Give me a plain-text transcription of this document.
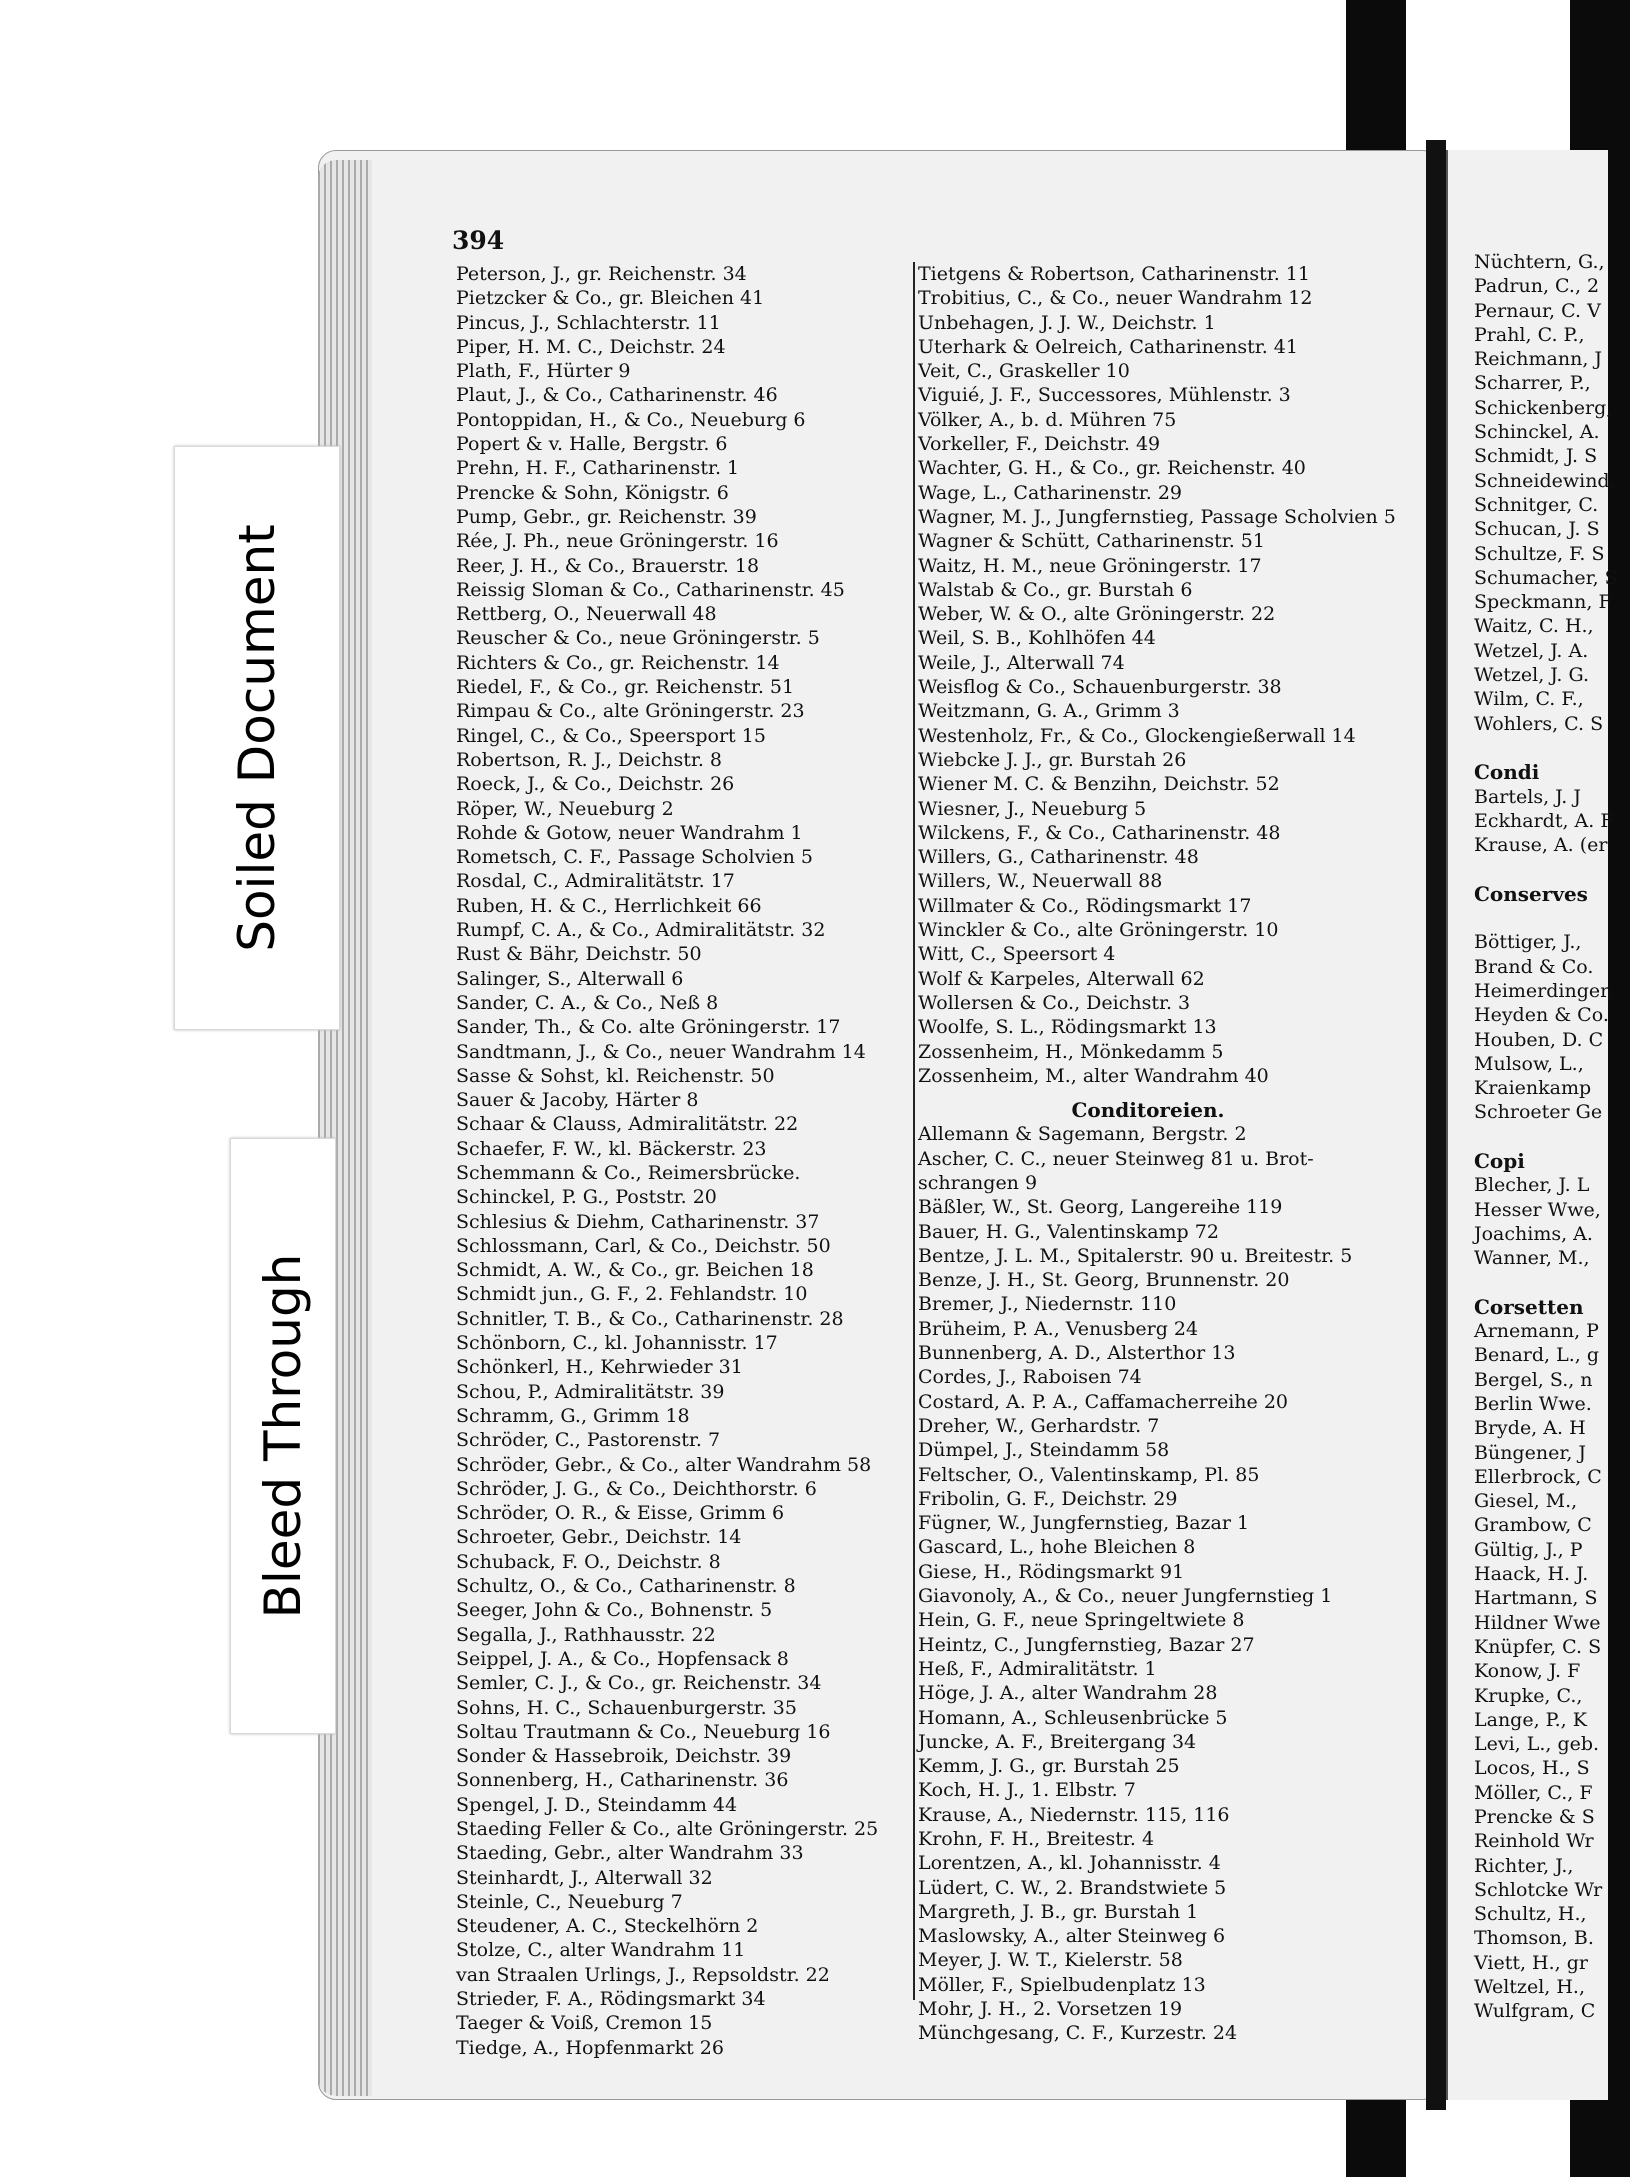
Soiled Document
Bleed Through
394
Peterson, J., gr. Reichenstr. 34
Pietzcker & Co., gr. Bleichen 41
Pincus, J., Schlachterstr. 11
Piper, H. M. C., Deichstr. 24
Plath, F., Hürter 9
Plaut, J., & Co., Catharinenstr. 46
Pontoppidan, H., & Co., Neueburg 6
Popert & v. Halle, Bergstr. 6
Prehn, H. F., Catharinenstr. 1
Prencke & Sohn, Königstr. 6
Pump, Gebr., gr. Reichenstr. 39
Rée, J. Ph., neue Gröningerstr. 16
Reer, J. H., & Co., Brauerstr. 18
Reissig Sloman & Co., Catharinenstr. 45
Rettberg, O., Neuerwall 48
Reuscher & Co., neue Gröningerstr. 5
Richters & Co., gr. Reichenstr. 14
Riedel, F., & Co., gr. Reichenstr. 51
Rimpau & Co., alte Gröningerstr. 23
Ringel, C., & Co., Speersport 15
Robertson, R. J., Deichstr. 8
Roeck, J., & Co., Deichstr. 26
Röper, W., Neueburg 2
Rohde & Gotow, neuer Wandrahm 1
Rometsch, C. F., Passage Scholvien 5
Rosdal, C., Admiralitätstr. 17
Ruben, H. & C., Herrlichkeit 66
Rumpf, C. A., & Co., Admiralitätstr. 32
Rust & Bähr, Deichstr. 50
Salinger, S., Alterwall 6
Sander, C. A., & Co., Neß 8
Sander, Th., & Co. alte Gröningerstr. 17
Sandtmann, J., & Co., neuer Wandrahm 14
Sasse & Sohst, kl. Reichenstr. 50
Sauer & Jacoby, Härter 8
Schaar & Clauss, Admiralitätstr. 22
Schaefer, F. W., kl. Bäckerstr. 23
Schemmann & Co., Reimersbrücke.
Schinckel, P. G., Poststr. 20
Schlesius & Diehm, Catharinenstr. 37
Schlossmann, Carl, & Co., Deichstr. 50
Schmidt, A. W., & Co., gr. Beichen 18
Schmidt jun., G. F., 2. Fehlandstr. 10
Schnitler, T. B., & Co., Catharinenstr. 28
Schönborn, C., kl. Johannisstr. 17
Schönkerl, H., Kehrwieder 31
Schou, P., Admiralitätstr. 39
Schramm, G., Grimm 18
Schröder, C., Pastorenstr. 7
Schröder, Gebr., & Co., alter Wandrahm 58
Schröder, J. G., & Co., Deichthorstr. 6
Schröder, O. R., & Eisse, Grimm 6
Schroeter, Gebr., Deichstr. 14
Schuback, F. O., Deichstr. 8
Schultz, O., & Co., Catharinenstr. 8
Seeger, John & Co., Bohnenstr. 5
Segalla, J., Rathhausstr. 22
Seippel, J. A., & Co., Hopfensack 8
Semler, C. J., & Co., gr. Reichenstr. 34
Sohns, H. C., Schauenburgerstr. 35
Soltau Trautmann & Co., Neueburg 16
Sonder & Hassebroik, Deichstr. 39
Sonnenberg, H., Catharinenstr. 36
Spengel, J. D., Steindamm 44
Staeding Feller & Co., alte Gröningerstr. 25
Staeding, Gebr., alter Wandrahm 33
Steinhardt, J., Alterwall 32
Steinle, C., Neueburg 7
Steudener, A. C., Steckelhörn 2
Stolze, C., alter Wandrahm 11
van Straalen Urlings, J., Repsoldstr. 22
Strieder, F. A., Rödingsmarkt 34
Taeger & Voiß, Cremon 15
Tiedge, A., Hopfenmarkt 26
Tietgens & Robertson, Catharinenstr. 11
Trobitius, C., & Co., neuer Wandrahm 12
Unbehagen, J. J. W., Deichstr. 1
Uterhark & Oelreich, Catharinenstr. 41
Veit, C., Graskeller 10
Viguié, J. F., Successores, Mühlenstr. 3
Völker, A., b. d. Mühren 75
Vorkeller, F., Deichstr. 49
Wachter, G. H., & Co., gr. Reichenstr. 40
Wage, L., Catharinenstr. 29
Wagner, M. J., Jungfernstieg, Passage Scholvien 5
Wagner & Schütt, Catharinenstr. 51
Waitz, H. M., neue Gröningerstr. 17
Walstab & Co., gr. Burstah 6
Weber, W. & O., alte Gröningerstr. 22
Weil, S. B., Kohlhöfen 44
Weile, J., Alterwall 74
Weisflog & Co., Schauenburgerstr. 38
Weitzmann, G. A., Grimm 3
Westenholz, Fr., & Co., Glockengießerwall 14
Wiebcke J. J., gr. Burstah 26
Wiener M. C. & Benzihn, Deichstr. 52
Wiesner, J., Neueburg 5
Wilckens, F., & Co., Catharinenstr. 48
Willers, G., Catharinenstr. 48
Willers, W., Neuerwall 88
Willmater & Co., Rödingsmarkt 17
Winckler & Co., alte Gröningerstr. 10
Witt, C., Speersort 4
Wolf & Karpeles, Alterwall 62
Wollersen & Co., Deichstr. 3
Woolfe, S. L., Rödingsmarkt 13
Zossenheim, H., Mönkedamm 5
Zossenheim, M., alter Wandrahm 40
Conditoreien.
Allemann & Sagemann, Bergstr. 2
Ascher, C. C., neuer Steinweg 81 u. Brot-
schrangen 9
Bäßler, W., St. Georg, Langereihe 119
Bauer, H. G., Valentinskamp 72
Bentze, J. L. M., Spitalerstr. 90 u. Breitestr. 5
Benze, J. H., St. Georg, Brunnenstr. 20
Bremer, J., Niedernstr. 110
Brüheim, P. A., Venusberg 24
Bunnenberg, A. D., Alsterthor 13
Cordes, J., Raboisen 74
Costard, A. P. A., Caffamacherreihe 20
Dreher, W., Gerhardstr. 7
Dümpel, J., Steindamm 58
Feltscher, O., Valentinskamp, Pl. 85
Fribolin, G. F., Deichstr. 29
Fügner, W., Jungfernstieg, Bazar 1
Gascard, L., hohe Bleichen 8
Giese, H., Rödingsmarkt 91
Giavonoly, A., & Co., neuer Jungfernstieg 1
Hein, G. F., neue Springeltwiete 8
Heintz, C., Jungfernstieg, Bazar 27
Heß, F., Admiralitätstr. 1
Höge, J. A., alter Wandrahm 28
Homann, A., Schleusenbrücke 5
Juncke, A. F., Breitergang 34
Kemm, J. G., gr. Burstah 25
Koch, H. J., 1. Elbstr. 7
Krause, A., Niedernstr. 115, 116
Krohn, F. H., Breitestr. 4
Lorentzen, A., kl. Johannisstr. 4
Lüdert, C. W., 2. Brandstwiete 5
Margreth, J. B., gr. Burstah 1
Maslowsky, A., alter Steinweg 6
Meyer, J. W. T., Kielerstr. 58
Möller, F., Spielbudenplatz 13
Mohr, J. H., 2. Vorsetzen 19
Münchgesang, C. F., Kurzestr. 24
Nüchtern, G.,
Padrun, C., 2
Pernaur, C. V
Prahl, C. P.,
Reichmann, J
Scharrer, P.,
Schickenberg,
Schinckel, A.
Schmidt, J. S
Schneidewind,
Schnitger, C.
Schucan, J. S
Schultze, F. S
Schumacher, S
Speckmann, F
Waitz, C. H.,
Wetzel, J. A.
Wetzel, J. G.
Wilm, C. F.,
Wohlers, C. S
Condi
Bartels, J. J
Eckhardt, A. F
Krause, A. (er
Conserves
Böttiger, J.,
Brand & Co.
Heimerdinger,
Heyden & Co.
Houben, D. C
Mulsow, L.,
Kraienkamp
Schroeter Ge
Copi
Blecher, J. L
Hesser Wwe,
Joachims, A.
Wanner, M.,
Corsetten
Arnemann, P
Benard, L., g
Bergel, S., n
Berlin Wwe.
Bryde, A. H
Büngener, J
Ellerbrock, C
Giesel, M.,
Grambow, C
Gültig, J., P
Haack, H. J.
Hartmann, S
Hildner Wwe
Knüpfer, C. S
Konow, J. F
Krupke, C.,
Lange, P., K
Levi, L., geb.
Locos, H., S
Möller, C., F
Prencke & S
Reinhold Wr
Richter, J.,
Schlotcke Wr
Schultz, H.,
Thomson, B.
Viett, H., gr
Weltzel, H.,
Wulfgram, C
